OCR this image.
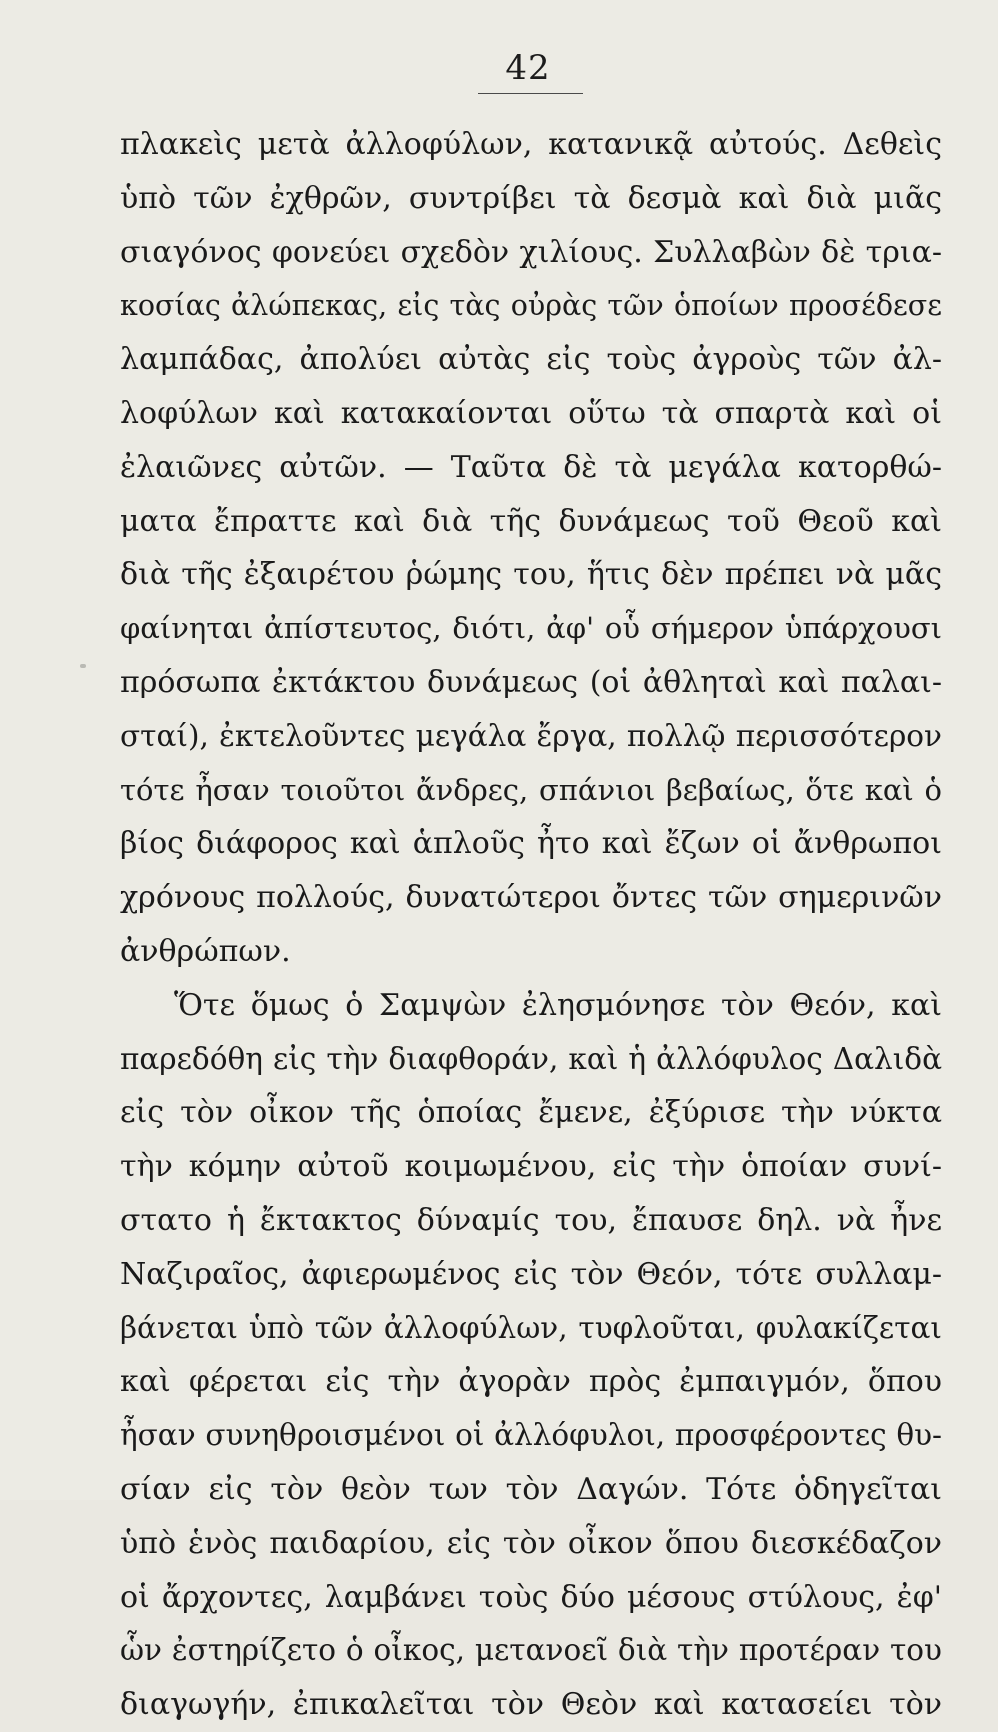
42
πλακεὶς μετὰ ἀλλοφύλων, κατανικᾷ αὐτούς. Δεθεὶς
ὑπὸ τῶν ἐχθρῶν, συντρίβει τὰ δεσμὰ καὶ διὰ μιᾶς
σιαγόνος φονεύει σχεδὸν χιλίους. Συλλαβὼν δὲ τρια-
κοσίας ἀλώπεκας, εἰς τὰς οὐρὰς τῶν ὁποίων προσέδεσε
λαμπάδας, ἀπολύει αὐτὰς εἰς τοὺς ἀγροὺς τῶν ἀλ-
λοφύλων καὶ κατακαίονται οὕτω τὰ σπαρτὰ καὶ οἱ
ἐλαιῶνες αὐτῶν. — Ταῦτα δὲ τὰ μεγάλα κατορθώ-
ματα ἔπραττε καὶ διὰ τῆς δυνάμεως τοῦ Θεοῦ καὶ
διὰ τῆς ἐξαιρέτου ῥώμης του, ἥτις δὲν πρέπει νὰ μᾶς
φαίνηται ἀπίστευτος, διότι, ἀφ' οὗ σήμερον ὑπάρχουσι
πρόσωπα ἐκτάκτου δυνάμεως (οἱ ἀθληταὶ καὶ παλαι-
σταί), ἐκτελοῦντες μεγάλα ἔργα, πολλῷ περισσότερον
τότε ἦσαν τοιοῦτοι ἄνδρες, σπάνιοι βεβαίως, ὅτε καὶ ὁ
βίος διάφορος καὶ ἁπλοῦς ἦτο καὶ ἔζων οἱ ἄνθρωποι
χρόνους πολλούς, δυνατώτεροι ὄντες τῶν σημερινῶν
ἀνθρώπων.
Ὅτε ὅμως ὁ Σαμψὼν ἐλησμόνησε τὸν Θεόν, καὶ
παρεδόθη εἰς τὴν διαφθοράν, καὶ ἡ ἀλλόφυλος Δαλιδὰ
εἰς τὸν οἶκον τῆς ὁποίας ἔμενε, ἐξύρισε τὴν νύκτα
τὴν κόμην αὐτοῦ κοιμωμένου, εἰς τὴν ὁποίαν συνί-
στατο ἡ ἔκτακτος δύναμίς του, ἔπαυσε δηλ. νὰ ἦνε
Ναζιραῖος, ἀφιερωμένος εἰς τὸν Θεόν, τότε συλλαμ-
βάνεται ὑπὸ τῶν ἀλλοφύλων, τυφλοῦται, φυλακίζεται
καὶ φέρεται εἰς τὴν ἀγορὰν πρὸς ἐμπαιγμόν, ὅπου
ἦσαν συνηθροισμένοι οἱ ἀλλόφυλοι, προσφέροντες θυ-
σίαν εἰς τὸν θεὸν των τὸν Δαγών. Τότε ὁδηγεῖται
ὑπὸ ἑνὸς παιδαρίου, εἰς τὸν οἶκον ὅπου διεσκέδαζον
οἱ ἄρχοντες, λαμβάνει τοὺς δύο μέσους στύλους, ἐφ'
ὧν ἐστηρίζετο ὁ οἶκος, μετανοεῖ διὰ τὴν προτέραν του
διαγωγήν, ἐπικαλεῖται τὸν Θεὸν καὶ κατασείει τὸν
